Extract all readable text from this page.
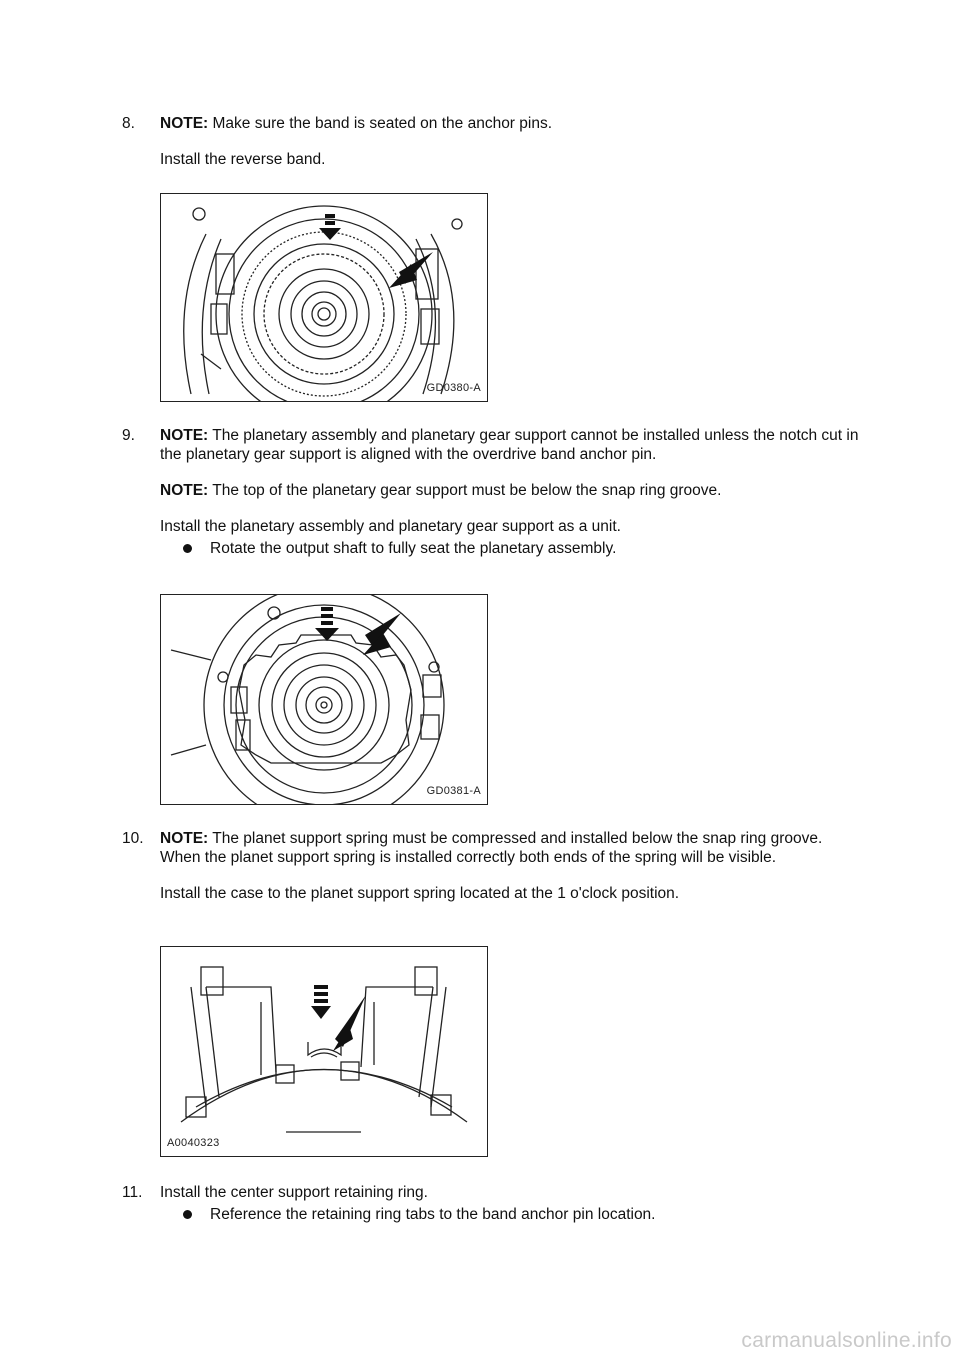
8.	NOTE: Make sure the band is seated on the anchor pins.

Install the reverse band.

GD0380-A
9.	NOTE: The planetary assembly and planetary gear support cannot be installed unless the notch cut in the planetary gear support is aligned with the overdrive band anchor pin.

NOTE: The top of the planetary gear support must be below the snap ring groove.

Install the planetary assembly and planetary gear support as a unit.

Rotate the output shaft to fully seat the planetary assembly.

GD0381-A
10.	NOTE: The planet support spring must be compressed and installed below the snap ring groove. When the planet support spring is installed correctly both ends of the spring will be visible.

Install the case to the planet support spring located at the 1 o'clock position.

A0040323
11.	Install the center support retaining ring.

Reference the retaining ring tabs to the band anchor pin location.

carmanualsonline.info
